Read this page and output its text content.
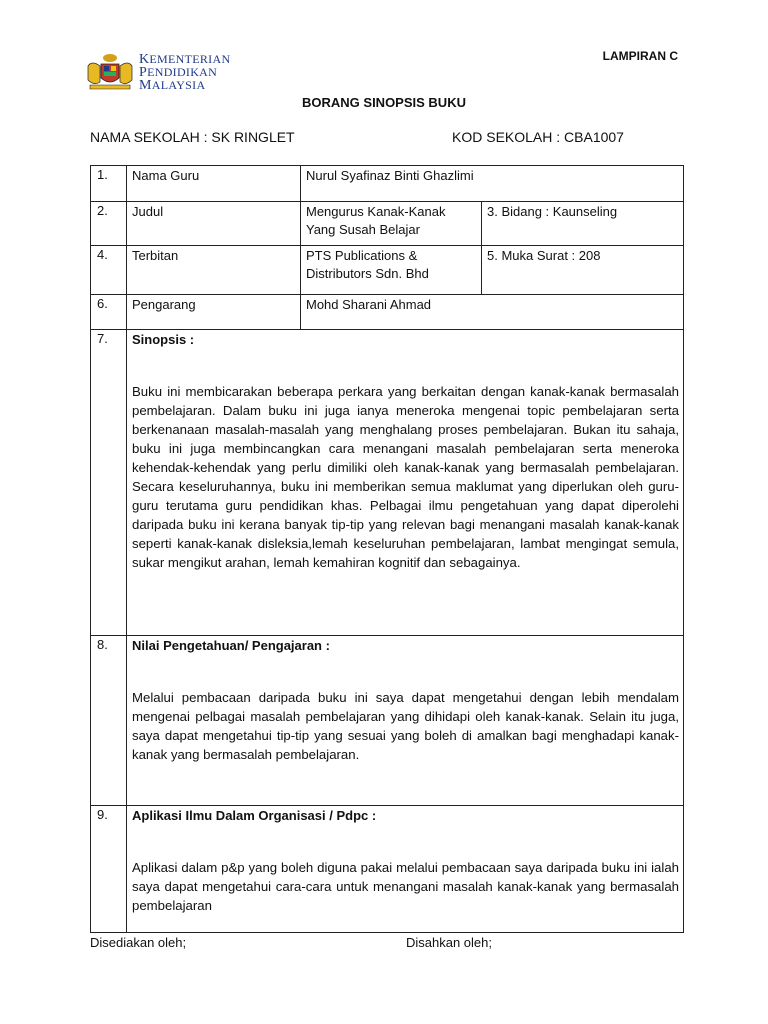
KEMENTERIAN
PENDIDIKAN
MALAYSIA
LAMPIRAN C
BORANG SINOPSIS BUKU
NAMA SEKOLAH : SK RINGLET	KOD SEKOLAH : CBA1007
1.	Nama Guru	Nurul Syafinaz Binti Ghazlimi	
2.	Judul	Mengurus Kanak-Kanak
Yang Susah Belajar	3. Bidang : Kaunseling
4.	Terbitan	PTS Publications &
Distributors Sdn. Bhd	5. Muka Surat : 208
6.	Pengarang	Mohd Sharani Ahmad	
7.	Sinopsis :
Buku ini membicarakan beberapa perkara yang berkaitan dengan kanak-kanak bermasalah pembelajaran. Dalam buku ini juga ianya meneroka mengenai topic pembelajaran serta berkenanaan masalah-masalah yang menghalang proses pembelajaran. Bukan itu sahaja, buku ini juga membincangkan cara menangani masalah pembelajaran serta meneroka kehendak-kehendak yang perlu dimiliki oleh kanak-kanak yang bermasalah pembelajaran. Secara keseluruhannya, buku ini memberikan semua maklumat yang diperlukan oleh guru-guru terutama guru pendidikan khas. Pelbagai ilmu pengetahuan yang dapat diperolehi daripada buku ini kerana banyak tip-tip yang relevan bagi menangani masalah kanak-kanak seperti kanak-kanak disleksia,lemah keseluruhan pembelajaran, lambat mengingat semula, sukar mengikut arahan, lemah kemahiran kognitif dan sebagainya.		

8.	Nilai Pengetahuan/ Pengajaran :
Melalui pembacaan daripada buku ini saya dapat mengetahui dengan lebih mendalam mengenai pelbagai masalah pembelajaran yang dihidapi oleh kanak-kanak. Selain itu juga, saya dapat mengetahui tip-tip yang sesuai yang boleh di amalkan bagi menghadapi kanak-kanak yang bermasalah pembelajaran.		

9.	Aplikasi Ilmu Dalam Organisasi / Pdpc :
Aplikasi dalam p&p yang boleh diguna pakai melalui pembacaan saya daripada buku ini ialah saya dapat mengetahui cara-cara untuk menangani masalah kanak-kanak yang bermasalah pembelajaran		
Disediakan oleh;	Disahkan oleh;
